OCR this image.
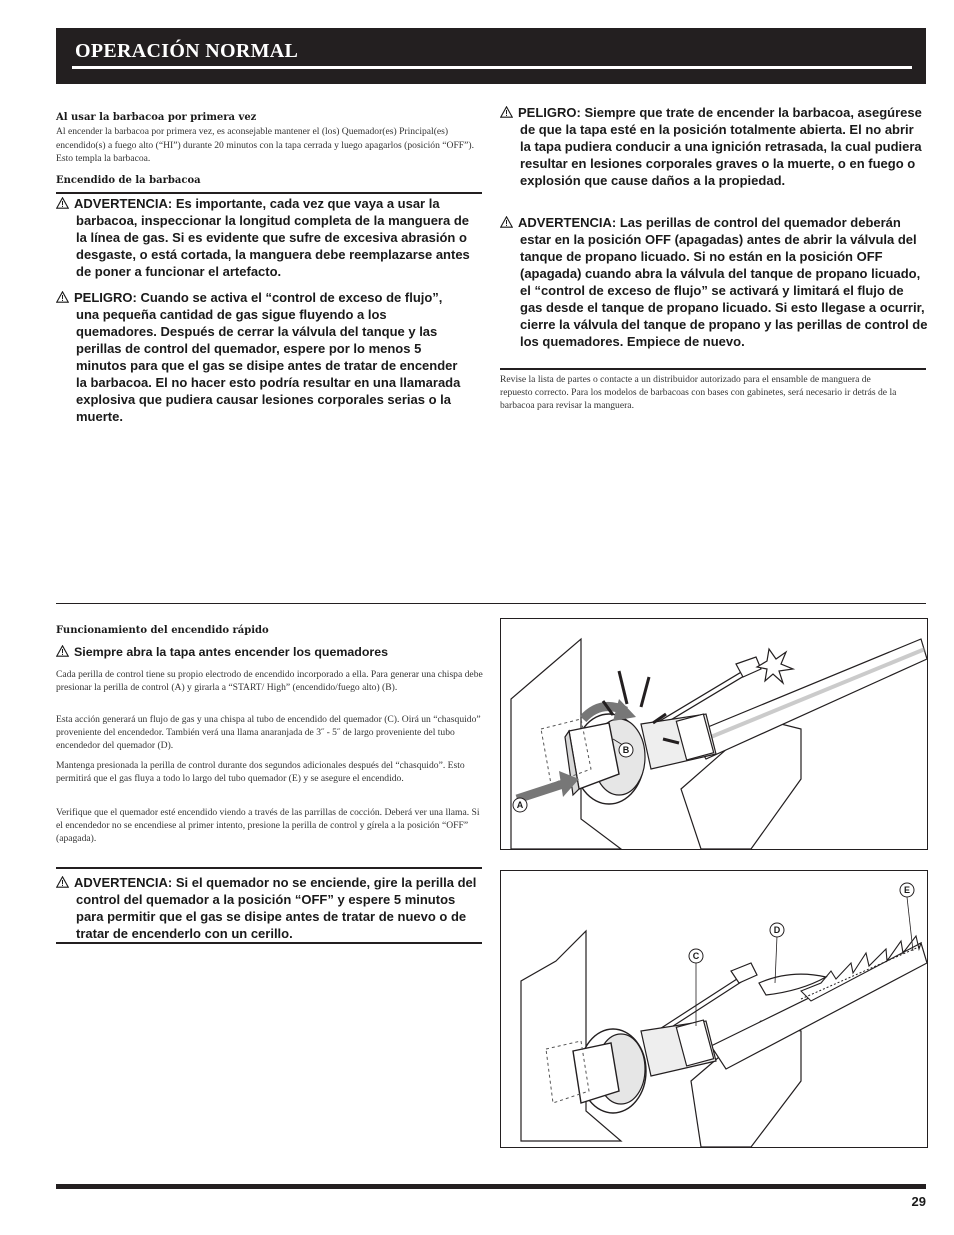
OPERACIÓN NORMAL
Al usar la barbacoa por primera vez
Al encender la barbacoa por primera vez, es aconsejable mantener el (los) Quemador(es) Principal(es) encendido(s) a fuego alto (“HI”) durante 20 minutos con la tapa cerrada y luego apagarlos (posición “OFF”). Esto templa la barbacoa.
Encendido de la barbacoa

ADVERTENCIA: Es importante, cada vez que vaya a usar la barbacoa, inspeccionar la longitud completa de la manguera de la línea de gas. Si es evidente que sufre de excesiva abrasión o desgaste, o está cortada, la manguera debe reemplazarse antes de poner a funcionar el artefacto.

PELIGRO: Cuando se activa el “control de exceso de flujo”, una pequeña cantidad de gas sigue fluyendo a los quemadores. Después de cerrar la válvula del tanque y las perillas de control del quemador, espere por lo menos 5 minutos para que el gas se disipe antes de tratar de encender la barbacoa. El no hacer esto podría resultar en una llamarada explosiva que pudiera causar lesiones corporales serias o la muerte.

PELIGRO: Siempre que trate de encender la barbacoa, asegúrese de que la tapa esté en la posición totalmente abierta. El no abrir la tapa pudiera conducir a una ignición retrasada, la cual pudiera resultar en lesiones corporales graves o la muerte, o en fuego o explosión que cause daños a la propiedad.

ADVERTENCIA: Las perillas de control del quemador deberán estar en la posición OFF (apagadas) antes de abrir la válvula del tanque de propano licuado. Si no están en la posición OFF (apagada) cuando abra la válvula del tanque de propano licuado, el “control de exceso de flujo” se activará y limitará el flujo de gas desde el tanque de propano licuado. Si esto llegase a ocurrir, cierre la válvula del tanque de propano y las perillas de control de los quemadores. Empiece de nuevo.

Revise la lista de partes o contacte a un distribuidor autorizado para el ensamble de manguera de repuesto correcto. Para los modelos de barbacoas con bases con gabinetes, será necesario ir detrás de la barbacoa para revisar la manguera.
Funcionamiento del encendido rápido

Siempre abra la tapa antes encender los quemadores

Cada perilla de control tiene su propio electrodo de encendido incorporado a ella. Para generar una chispa debe presionar la perilla de control (A) y girarla a “START/ High” (encendido/fuego alto) (B).
Esta acción generará un flujo de gas y una chispa al tubo de encendido del quemador (C). Oirá un “chasquido” proveniente del encendedor. También verá una llama anaranjada de 3˝ - 5˝ de largo proveniente del tubo encendedor del quemador (D).
Mantenga presionada la perilla de control durante dos segundos adicionales después del “chasquido”. Esto permitirá que el gas fluya a todo lo largo del tubo quemador (E) y se asegure el encendido.
Verifique que el quemador esté encendido viendo a través de las parrillas de cocción. Deberá ver una llama. Si el encendedor no se encendiese al primer intento, presione la perilla de control y gírela a la posición “OFF” (apagada).

ADVERTENCIA: Si el quemador no se enciende, gire la perilla del control del quemador a la posición “OFF” y espere 5 minutos para permitir que el gas se disipe antes de tratar de nuevo o de tratar de encenderlo con un cerillo.

B
A
C
D
E
29
